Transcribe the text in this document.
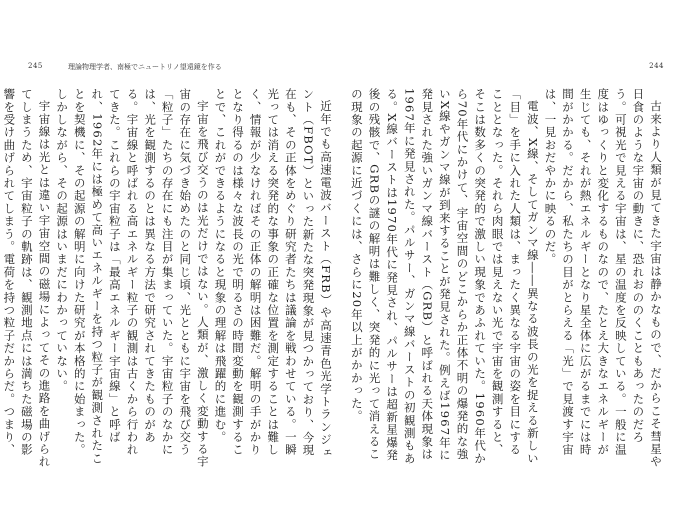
245	理論物理学者、南極でニュートリノ望遠鏡を作る	244

古来より人類が見てきた宇宙は静かなもので、だからこそ彗星や日食のような宇宙の動きに、恐れおののくこともあったのだろう。可視光で見える宇宙は、星の温度を反映している。一般に温度はゆっくりと変化するものなので、たとえ大きなエネルギーが生じても、それが熱エネルギーとなり星全体に広がるまでには時間がかかる。だから、私たちの目がとらえる「光」で見渡す宇宙は、一見おだやかに映るのだ。

電波、X線、そしてガンマ線――異なる波長の光を捉える新しい「目」を手に入れた人類は、まったく異なる宇宙の姿を目にすることとなった。それら肉眼では見えない光で宇宙を観測すると、そこは数多くの突発的で激しい現象であふれていた。1960年代から70年代にかけて、宇宙空間のどこからか正体不明の爆発的な強いX線やガンマ線が到来することが発見された。例えば1967年に発見された強いガンマ線バースト（GRB）と呼ばれる天体現象は1967年に発見された。パルサー、ガンマ線バーストの初観測もある。X線バーストは1970年代に発見され、パルサーは超新星爆発後の残骸で、GRBの謎の解明は難しく、突発的に光って消えるこの現象の起源に近づくには、さらに20年以上がかかった。

近年でも高速電波バースト（FRB）や高速青色光学トランジェント（FBOT）といった新たな突発現象が見つかっており、今現在も、その正体をめぐり研究者たちは議論を戦わせている。一瞬光っては消える突発的な事象の正確な位置を測定することは難しく、情報が少なければその正体の解明は困難だ。解明の手がかりとなり得るのは様々な波長の光で明るさの時間変動を観測することで、これができるようになると現象の理解は飛躍的に進む。

宇宙を飛び交うのは光だけではない。人類が、激しく変動する宇宙の存在に気づき始めたのと同じ頃、光とともに宇宙を飛び交う「粒子」たちの存在にも注目が集まっていた。宇宙粒子のなかには、光を観測するのとは異なる方法で研究されてきたものがある。宇宙線と呼ばれる高エネルギー粒子の観測は古くから行われてきた。これらの宇宙粒子は「最高エネルギー宇宙線」と呼ばれ、1962年には極めて高いエネルギーを持つ粒子が観測されたことを契機に、その起源の解明に向けた研究が本格的に始まった。しかしながら、その起源はいまだにわかっていない。

宇宙線は光とは違い宇宙空間の磁場によってその進路を曲げられてしまうため、宇宙粒子の軌跡は、観測地点には満ちた磁場の影響を受け曲げられてしまう。電荷を持つ粒子だからだ。つまり、
